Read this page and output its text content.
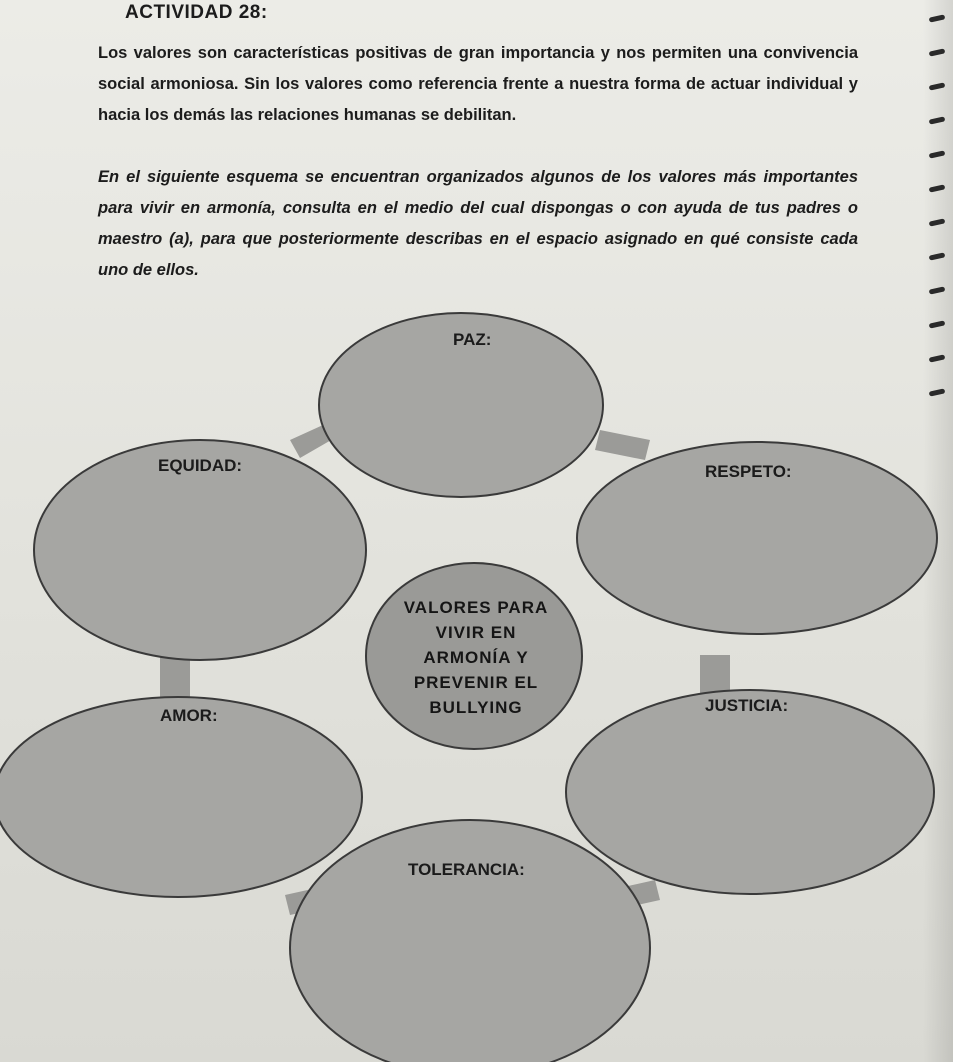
ACTIVIDAD 28:

Los valores son características positivas de gran importancia y nos permiten una convivencia social armoniosa. Sin los valores como referencia frente a nuestra forma de actuar individual y hacia los demás las relaciones humanas se debilitan.

En el siguiente esquema se encuentran organizados algunos de los valores más importantes para vivir en armonía, consulta en el medio del cual dispongas o con ayuda de tus padres o maestro (a), para que posteriormente describas en el espacio asignado en qué consiste cada uno de ellos.

PAZ:
EQUIDAD:	RESPETO:
AMOR:
JUSTICIA:
TOLERANCIA:
VALORES PARA
VIVIR EN
ARMONÍA Y
PREVENIR EL
BULLYING
